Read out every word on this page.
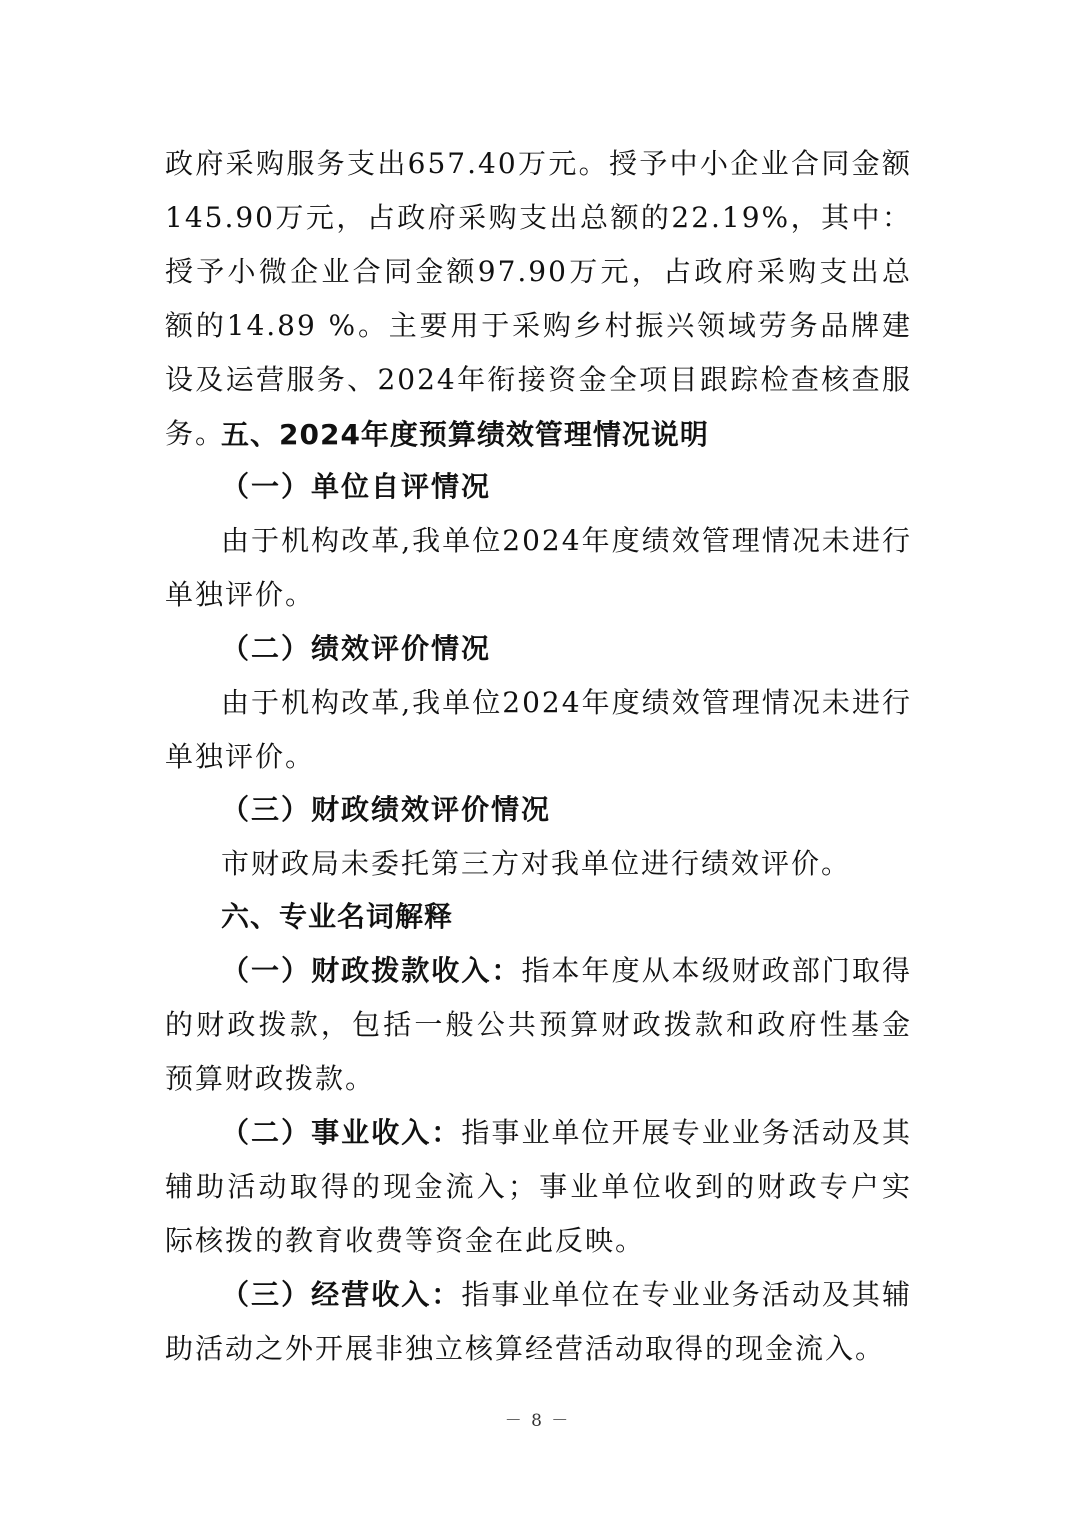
政府采购服务支出657.40万元。授予中小企业合同金额145.90万元，占政府采购支出总额的22.19%，其中：授予小微企业合同金额97.90万元，占政府采购支出总额的14.89 %。主要用于采购乡村振兴领域劳务品牌建设及运营服务、2024年衔接资金全项目跟踪检查核查服务。

五、2024年度预算绩效管理情况说明
（一）单位自评情况

由于机构改革,我单位2024年度绩效管理情况未进行单独评价。

（二）绩效评价情况

由于机构改革,我单位2024年度绩效管理情况未进行单独评价。

（三）财政绩效评价情况

市财政局未委托第三方对我单位进行绩效评价。

六、专业名词解释

（一）财政拨款收入：指本年度从本级财政部门取得的财政拨款，包括一般公共预算财政拨款和政府性基金预算财政拨款。

（二）事业收入：指事业单位开展专业业务活动及其辅助活动取得的现金流入；事业单位收到的财政专户实际核拨的教育收费等资金在此反映。

（三）经营收入：指事业单位在专业业务活动及其辅助活动之外开展非独立核算经营活动取得的现金流入。

－ 8 －
